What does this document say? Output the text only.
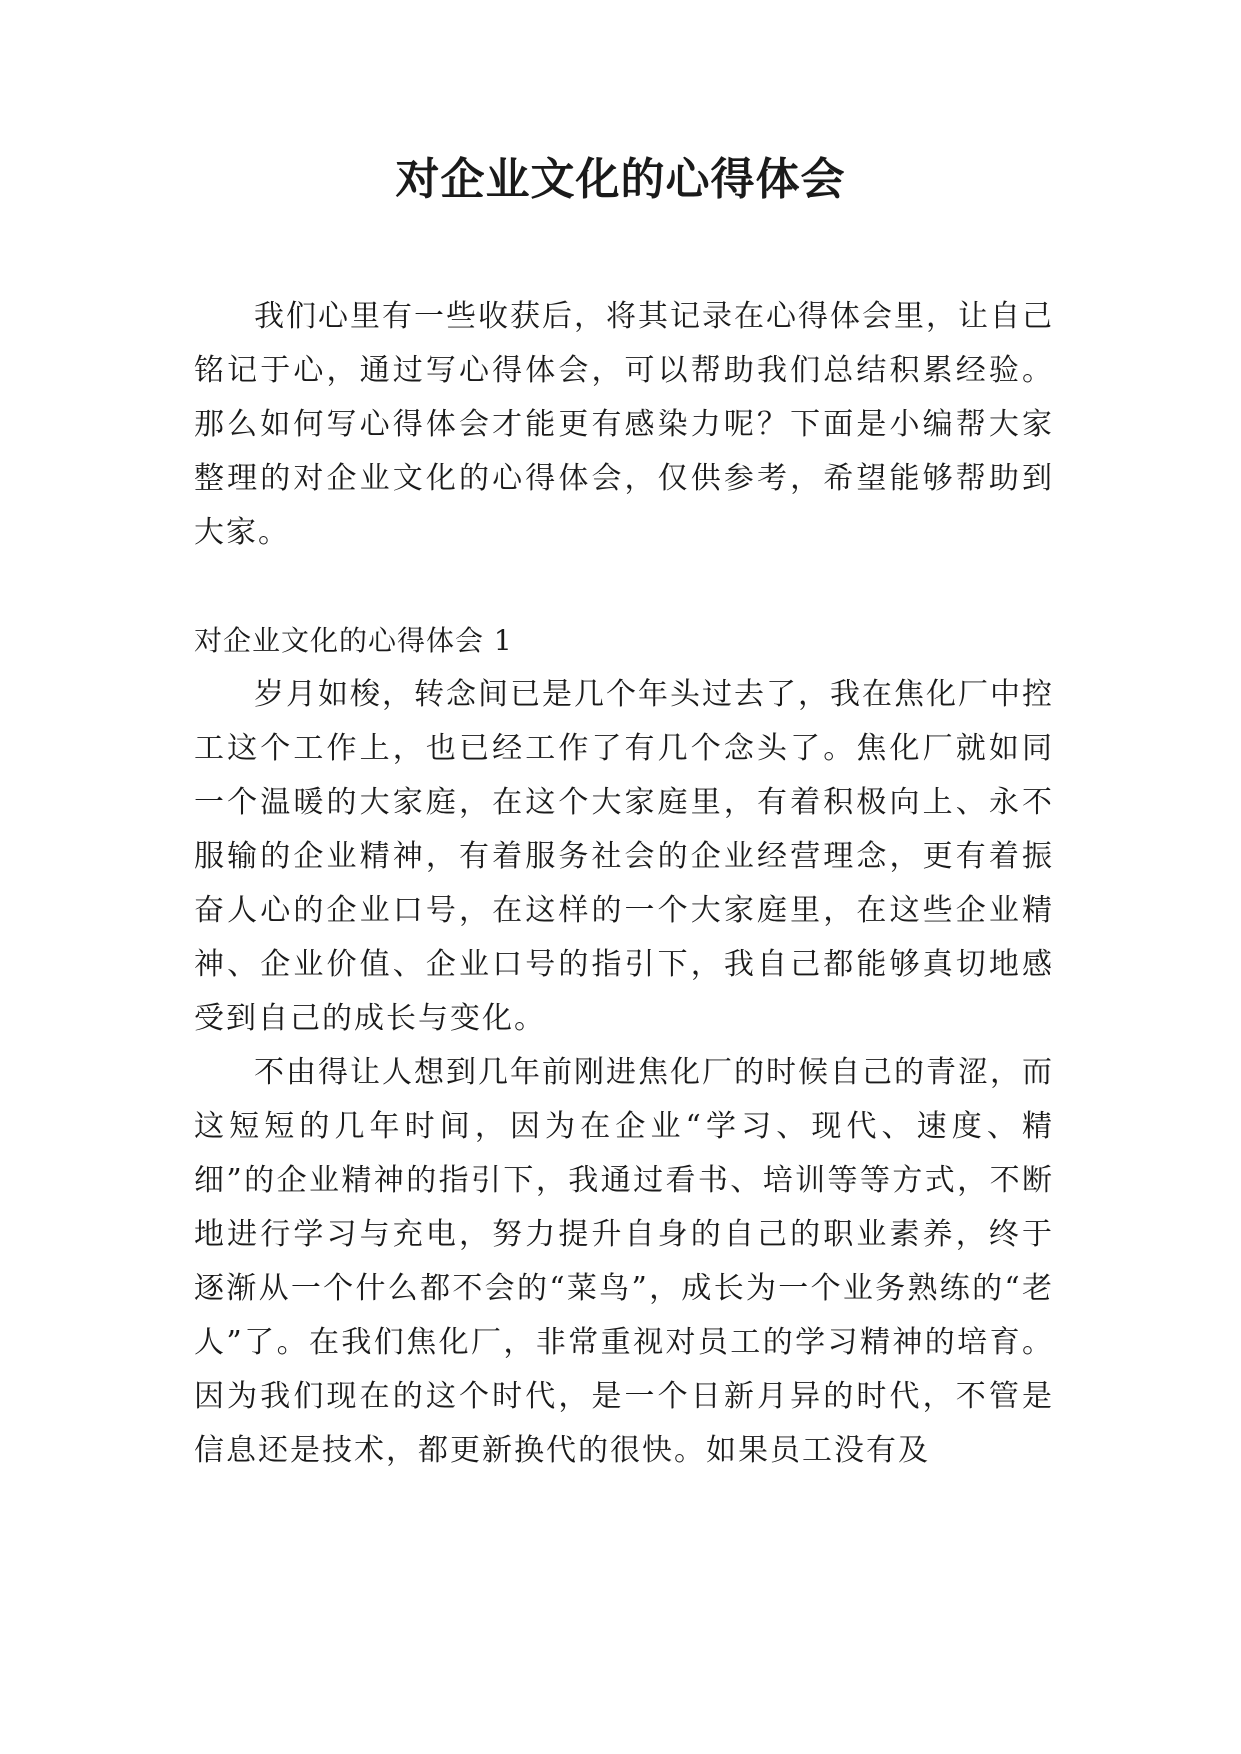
对企业文化的心得体会

我们心里有一些收获后，将其记录在心得体会里，让自己铭记于心，通过写心得体会，可以帮助我们总结积累经验。那么如何写心得体会才能更有感染力呢？下面是小编帮大家整理的对企业文化的心得体会，仅供参考，希望能够帮助到大家。

对企业文化的心得体会 1

岁月如梭，转念间已是几个年头过去了，我在焦化厂中控工这个工作上，也已经工作了有几个念头了。焦化厂就如同一个温暖的大家庭，在这个大家庭里，有着积极向上、永不服输的企业精神，有着服务社会的企业经营理念，更有着振奋人心的企业口号，在这样的一个大家庭里，在这些企业精神、企业价值、企业口号的指引下，我自己都能够真切地感受到自己的成长与变化。

不由得让人想到几年前刚进焦化厂的时候自己的青涩，而这短短的几年时间，因为在企业“学习、现代、速度、精细”的企业精神的指引下，我通过看书、培训等等方式，不断地进行学习与充电，努力提升自身的自己的职业素养，终于逐渐从一个什么都不会的“菜鸟”，成长为一个业务熟练的“老人”了。在我们焦化厂，非常重视对员工的学习精神的培育。因为我们现在的这个时代，是一个日新月异的时代，不管是信息还是技术，都更新换代的很快。如果员工没有及
